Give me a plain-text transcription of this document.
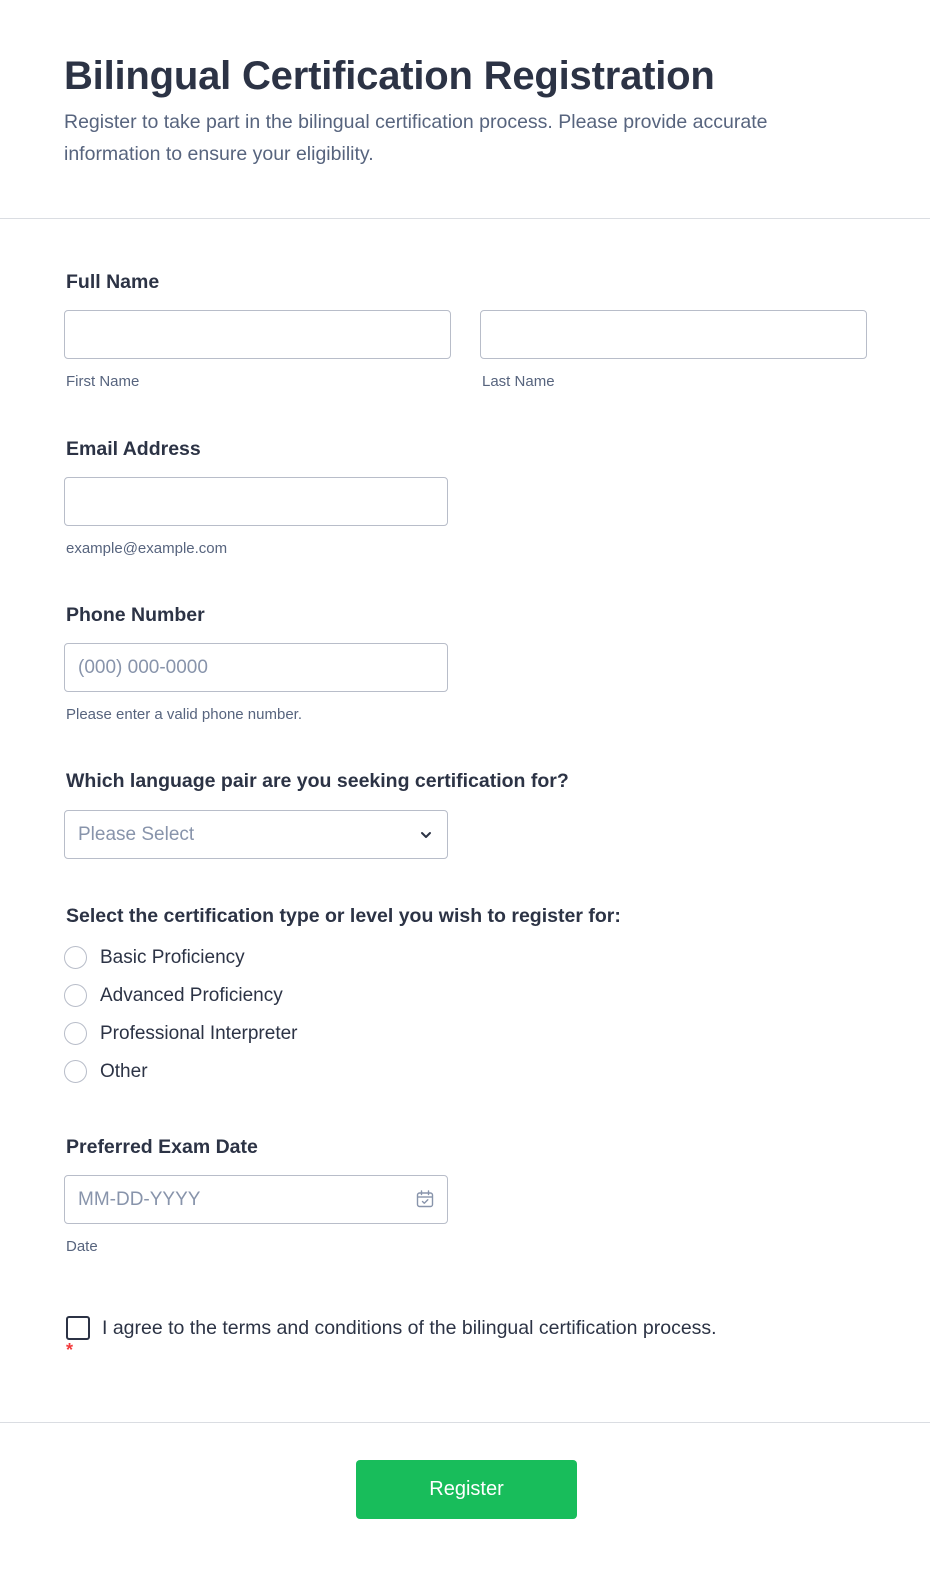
Bilingual Certification Registration
Register to take part in the bilingual certification process. Please provide accurate information to ensure your eligibility.
Full Name
First Name	Last Name
Email Address
example@example.com
Phone Number
(000) 000-0000
Please enter a valid phone number.
Which language pair are you seeking certification for?
Please Select
Select the certification type or level you wish to register for:
Basic Proficiency
Advanced Proficiency
Professional Interpreter
Other
Preferred Exam Date
MM-DD-YYYY
Date
I agree to the terms and conditions of the bilingual certification process.
*
Register
